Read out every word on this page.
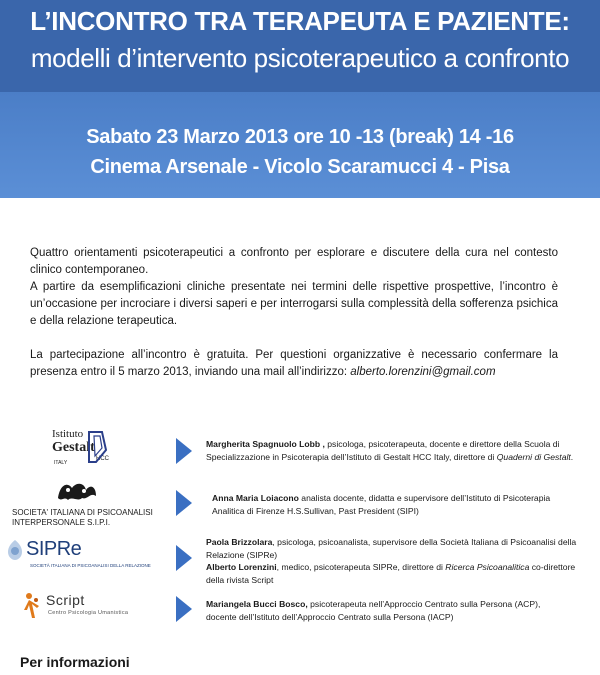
L’INCONTRO TRA TERAPEUTA E PAZIENTE:
modelli d’intervento psicoterapeutico a confronto
Sabato 23 Marzo 2013 ore 10 -13 (break) 14 -16
Cinema Arsenale - Vicolo Scaramucci 4 - Pisa

Quattro orientamenti psicoterapeutici a confronto per esplorare e discutere della cura nel contesto clinico contemporaneo.

A partire da esemplificazioni cliniche presentate nei termini delle rispettive prospettive, l’incontro è un’occasione per incrociare i diversi saperi e per interrogarsi sulla complessità della sofferenza psichica e della relazione terapeutica.

La partecipazione all’incontro è gratuita. Per questioni organizzative è necessario confermare la presenza entro il 5 marzo 2013, inviando una mail all’indirizzo: alberto.lorenzini@gmail.com

Istituto
Gestalt
HCC
ITALY
Margherita Spagnuolo Lobb , psicologa, psicoterapeuta, docente e direttore della Scuola di Specializzazione in Psicoterapia dell’Istituto di Gestalt HCC Italy, direttore di Quaderni di Gestalt.
SOCIETA' ITALIANA DI PSICOANALISI
INTERPERSONALE S.I.P.I.
Anna Maria Loiacono analista docente, didatta e supervisore dell’Istituto di Psicoterapia Analitica di Firenze H.S.Sullivan, Past President (SIPI)
SIPRe
SOCIETÀ ITALIANA DI PSICOANALISI DELLA RELAZIONE
Paola Brizzolara, psicologa, psicoanalista, supervisore della Società Italiana di Psicoanalisi della Relazione (SIPRe)
Alberto Lorenzini, medico, psicoterapeuta SIPRe, direttore di Ricerca Psicoanalitica co-direttore della rivista Script
Script
Centro Psicologia Umanistica
Mariangela Bucci Bosco, psicoterapeuta nell’Approccio Centrato sulla Persona (ACP), docente dell’Istituto dell’Approccio Centrato sulla Persona (IACP)
Per informazioni
